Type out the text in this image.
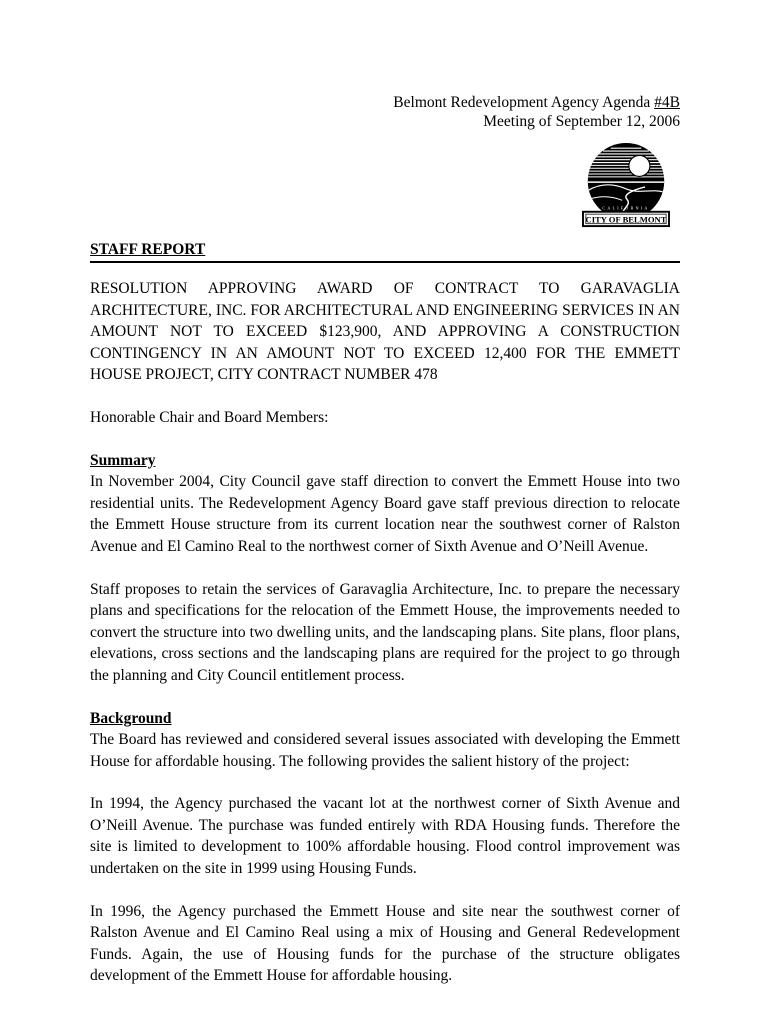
Belmont Redevelopment Agency Agenda #4B
Meeting of September 12, 2006
CALIFORNIA
CITY OF BELMONT
STAFF REPORT
RESOLUTION APPROVING AWARD OF CONTRACT TO GARAVAGLIA ARCHITECTURE, INC. FOR ARCHITECTURAL AND ENGINEERING SERVICES IN AN AMOUNT NOT TO EXCEED $123,900, AND APPROVING A CONSTRUCTION CONTINGENCY IN AN AMOUNT NOT TO EXCEED 12,400 FOR THE EMMETT HOUSE PROJECT, CITY CONTRACT NUMBER 478
Honorable Chair and Board Members:
Summary

In November 2004, City Council gave staff direction to convert the Emmett House into two residential units. The Redevelopment Agency Board gave staff previous direction to relocate the Emmett House structure from its current location near the southwest corner of Ralston Avenue and El Camino Real to the northwest corner of Sixth Avenue and O’Neill Avenue.

Staff proposes to retain the services of Garavaglia Architecture, Inc. to prepare the necessary plans and specifications for the relocation of the Emmett House, the improvements needed to convert the structure into two dwelling units, and the landscaping plans. Site plans, floor plans, elevations, cross sections and the landscaping plans are required for the project to go through the planning and City Council entitlement process.

Background

The Board has reviewed and considered several issues associated with developing the Emmett House for affordable housing. The following provides the salient history of the project:

In 1994, the Agency purchased the vacant lot at the northwest corner of Sixth Avenue and O’Neill Avenue. The purchase was funded entirely with RDA Housing funds. Therefore the site is limited to development to 100% affordable housing. Flood control improvement was undertaken on the site in 1999 using Housing Funds.

In 1996, the Agency purchased the Emmett House and site near the southwest corner of Ralston Avenue and El Camino Real using a mix of Housing and General Redevelopment Funds. Again, the use of Housing funds for the purchase of the structure obligates development of the Emmett House for affordable housing.
